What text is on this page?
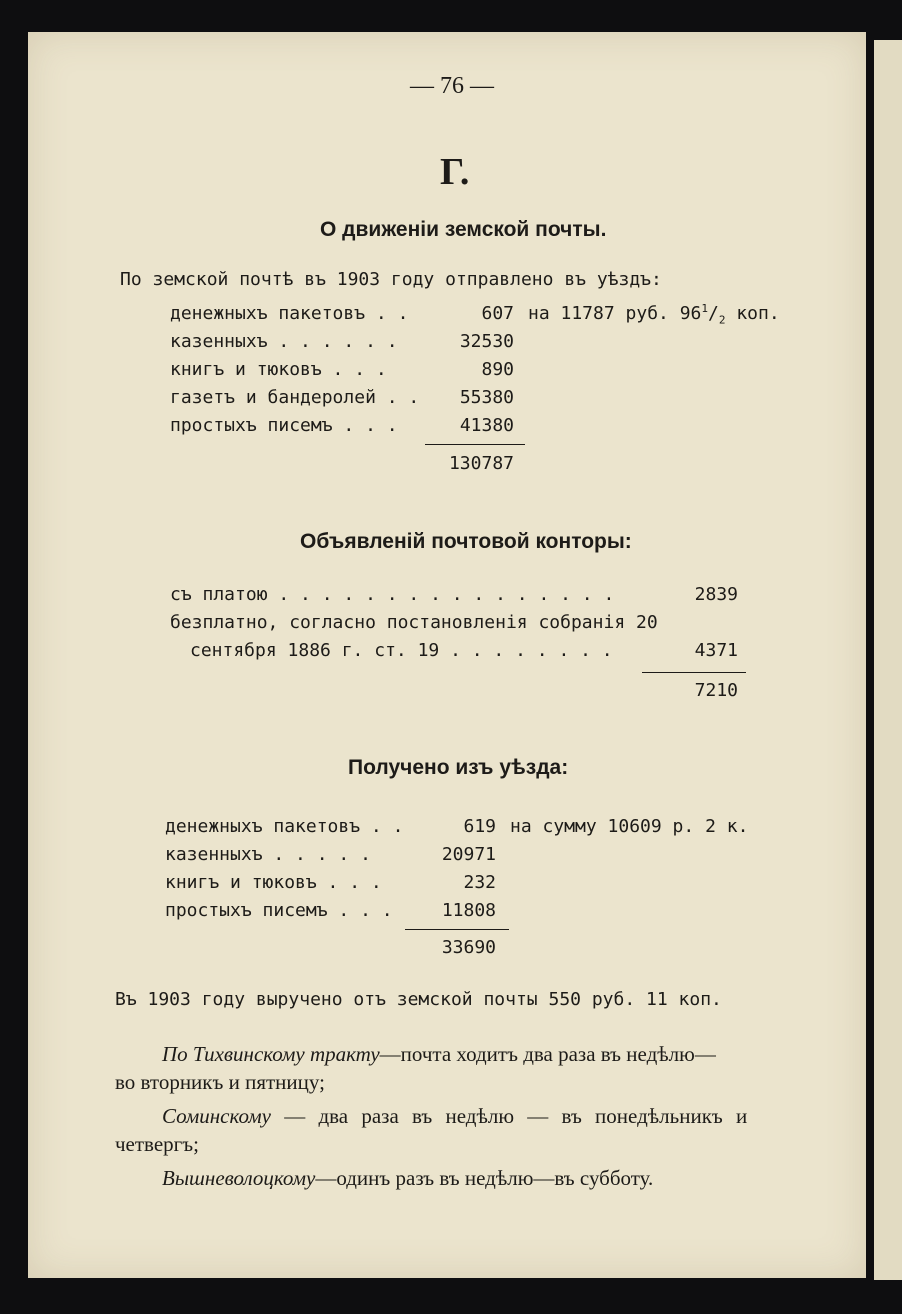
— 76 —
Г.
О движеніи земской почты.
По земской почтѣ въ 1903 году отправлено въ уѣздъ:
денежныхъ пакетовъ . .	607 на 11787 руб. $96^1/_2$ коп.
казенныхъ . . . . . .	32530
книгъ и тюковъ . . .	890
газетъ и бандеролей . .	55380
простыхъ писемъ . . .	41380
130787
Объявленій почтовой конторы:
съ платою . . . . . . . . . . . . . . . .	2839
безплатно, согласно постановленія собранія 20
сентября 1886 г. ст. 19 . . . . . . . .	4371
7210
Получено изъ уѣзда:
денежныхъ пакетовъ . .	619 на сумму 10609 р. 2 к.
казенныхъ . . . . .	20971
книгъ и тюковъ . . .	232
простыхъ писемъ . . .	11808
33690
Въ 1903 году выручено отъ земской почты 550 руб. 11 коп.
По Тихвинскому тракту—почта ходитъ два раза въ недѣлю—
во вторникъ и пятницу;
Соминскому — два раза въ недѣлю — въ понедѣльникъ и
четвергъ;
Вышневолоцкому—одинъ разъ въ недѣлю—въ субботу.
